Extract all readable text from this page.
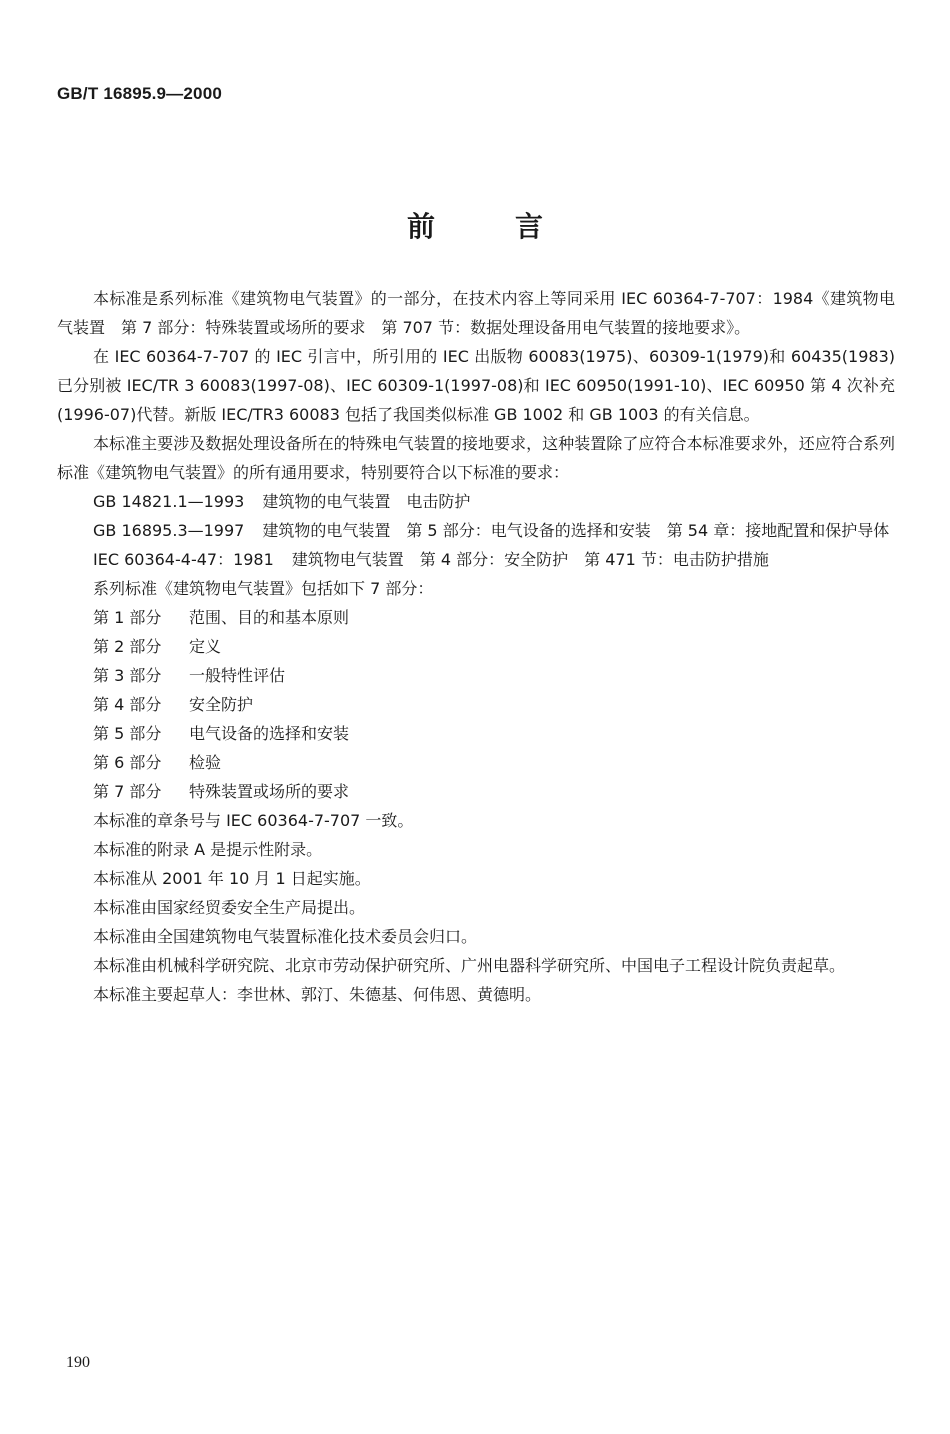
GB/T 16895.9—2000
前言

本标准是系列标准《建筑物电气装置》的一部分，在技术内容上等同采用 IEC 60364-7-707：1984《建筑物电气装置　第 7 部分：特殊装置或场所的要求　第 707 节：数据处理设备用电气装置的接地要求》。

在 IEC 60364-7-707 的 IEC 引言中，所引用的 IEC 出版物 60083(1975)、60309-1(1979)和 60435(1983)已分别被 IEC/TR 3 60083(1997-08)、IEC 60309-1(1997-08)和 IEC 60950(1991-10)、IEC 60950 第 4 次补充(1996-07)代替。新版 IEC/TR3 60083 包括了我国类似标准 GB 1002 和 GB 1003 的有关信息。

本标准主要涉及数据处理设备所在的特殊电气装置的接地要求，这种装置除了应符合本标准要求外，还应符合系列标准《建筑物电气装置》的所有通用要求，特别要符合以下标准的要求：

GB 14821.1—1993	建筑物的电气装置　电击防护
GB 16895.3—1997	建筑物的电气装置　第 5 部分：电气设备的选择和安装　第 54 章：接地配置和保护导体
IEC 60364-4-47：1981	建筑物电气装置　第 4 部分：安全防护　第 471 节：电击防护措施

系列标准《建筑物电气装置》包括如下 7 部分：

第 1 部分	范围、目的和基本原则
第 2 部分	定义
第 3 部分	一般特性评估
第 4 部分	安全防护
第 5 部分	电气设备的选择和安装
第 6 部分	检验
第 7 部分	特殊装置或场所的要求

本标准的章条号与 IEC 60364-7-707 一致。

本标准的附录 A 是提示性附录。

本标准从 2001 年 10 月 1 日起实施。

本标准由国家经贸委安全生产局提出。

本标准由全国建筑物电气装置标准化技术委员会归口。

本标准由机械科学研究院、北京市劳动保护研究所、广州电器科学研究所、中国电子工程设计院负责起草。

本标准主要起草人：李世林、郭汀、朱德基、何伟恩、黄德明。

190
